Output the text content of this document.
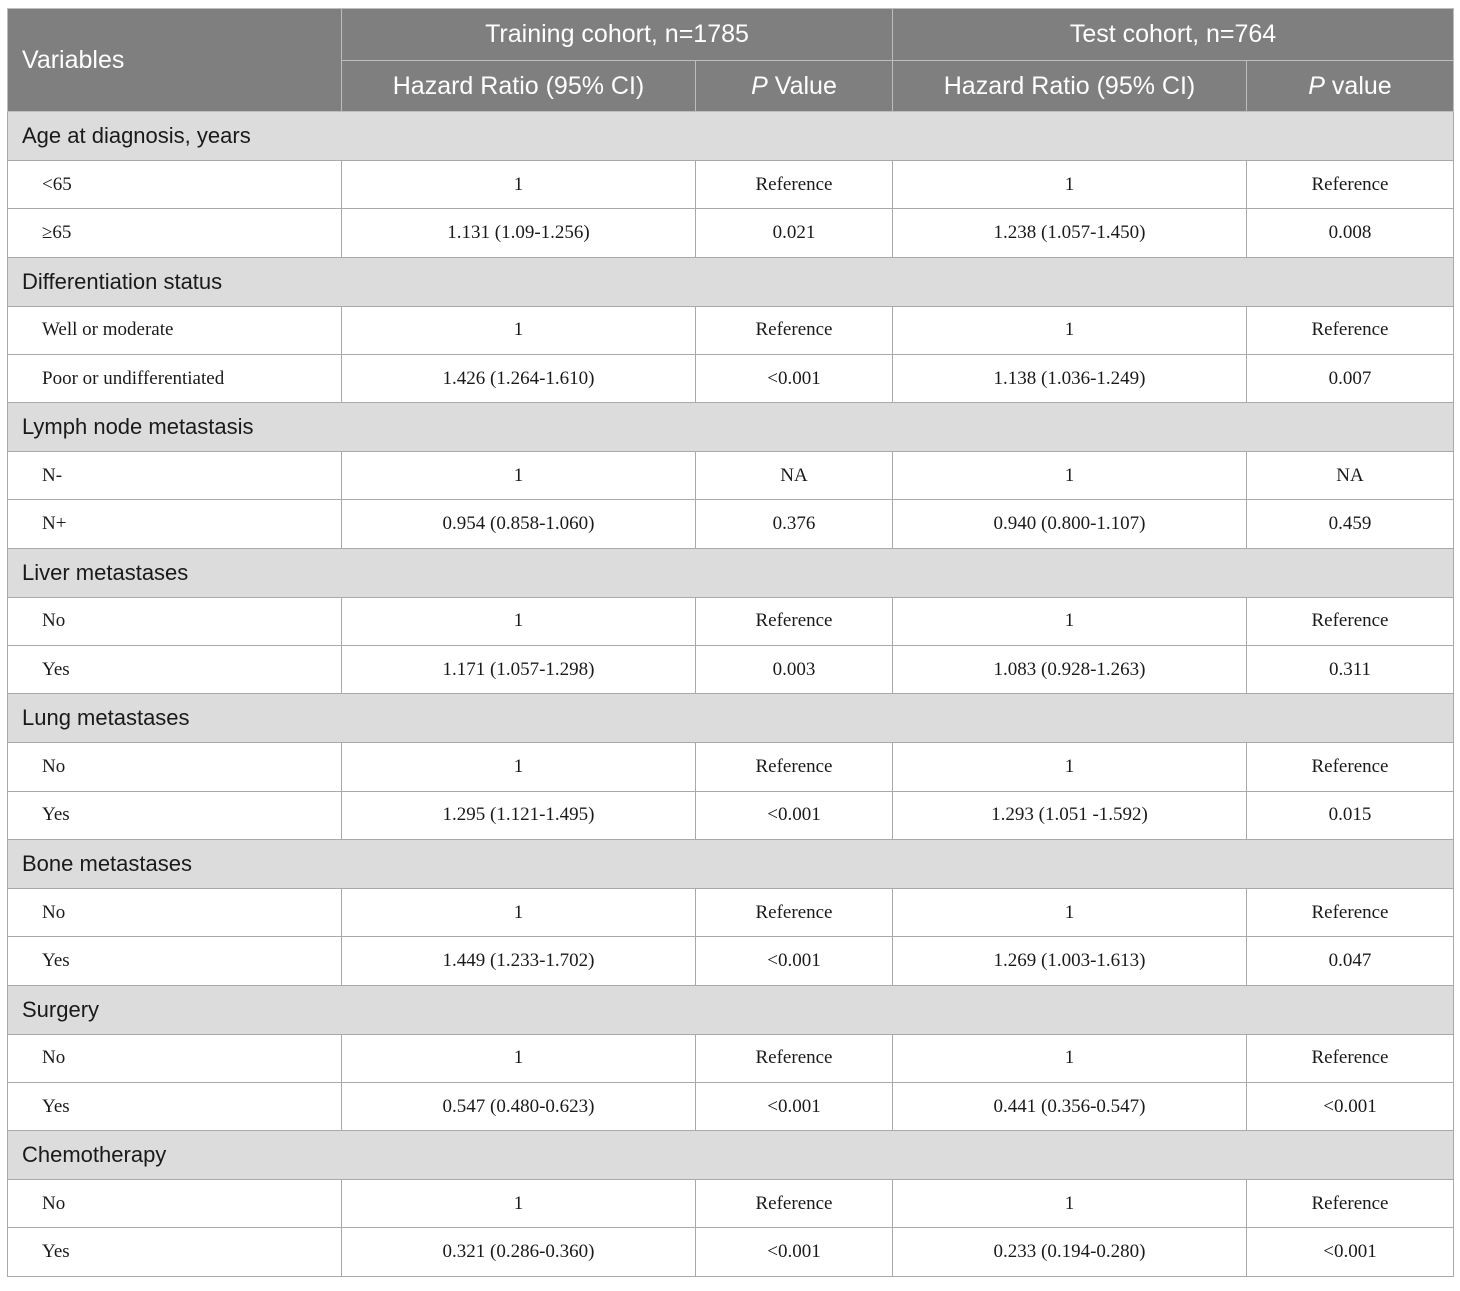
Variables	Training cohort, n=1785		Test cohort, n=764	
	Hazard Ratio (95% CI)	P Value	Hazard Ratio (95% CI)	P value
Age at diagnosis, years				
<65	1	Reference	1	Reference
≥65	1.131 (1.09-1.256)	0.021	1.238 (1.057-1.450)	0.008
Differentiation status				
Well or moderate	1	Reference	1	Reference
Poor or undifferentiated	1.426 (1.264-1.610)	<0.001	1.138 (1.036-1.249)	0.007
Lymph node metastasis				
N-	1	NA	1	NA
N+	0.954 (0.858-1.060)	0.376	0.940 (0.800-1.107)	0.459
Liver metastases				
No	1	Reference	1	Reference
Yes	1.171 (1.057-1.298)	0.003	1.083 (0.928-1.263)	0.311
Lung metastases				
No	1	Reference	1	Reference
Yes	1.295 (1.121-1.495)	<0.001	1.293 (1.051 -1.592)	0.015
Bone metastases				
No	1	Reference	1	Reference
Yes	1.449 (1.233-1.702)	<0.001	1.269 (1.003-1.613)	0.047
Surgery				
No	1	Reference	1	Reference
Yes	0.547 (0.480-0.623)	<0.001	0.441 (0.356-0.547)	<0.001
Chemotherapy				
No	1	Reference	1	Reference
Yes	0.321 (0.286-0.360)	<0.001	0.233 (0.194-0.280)	<0.001
